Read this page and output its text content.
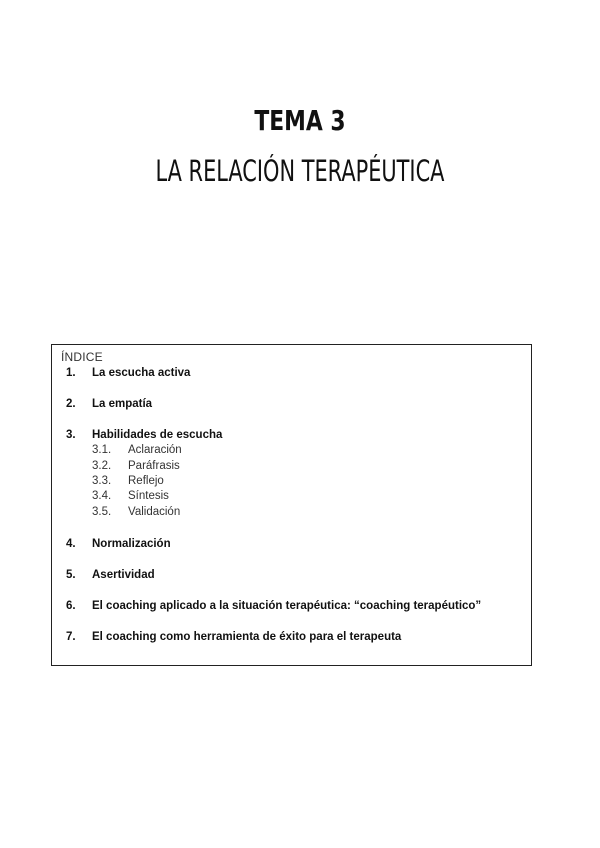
TEMA 3
LA RELACIÓN TERAPÉUTICA
ÍNDICE
1.	La escucha activa
2.	La empatía
3.	Habilidades de escucha
3.1. Aclaración
3.2. Paráfrasis
3.3. Reflejo
3.4. Síntesis
3.5. Validación
4.	Normalización
5.	Asertividad
6.	El coaching aplicado a la situación terapéutica: “coaching terapéutico”
7.	El coaching como herramienta de éxito para el terapeuta
